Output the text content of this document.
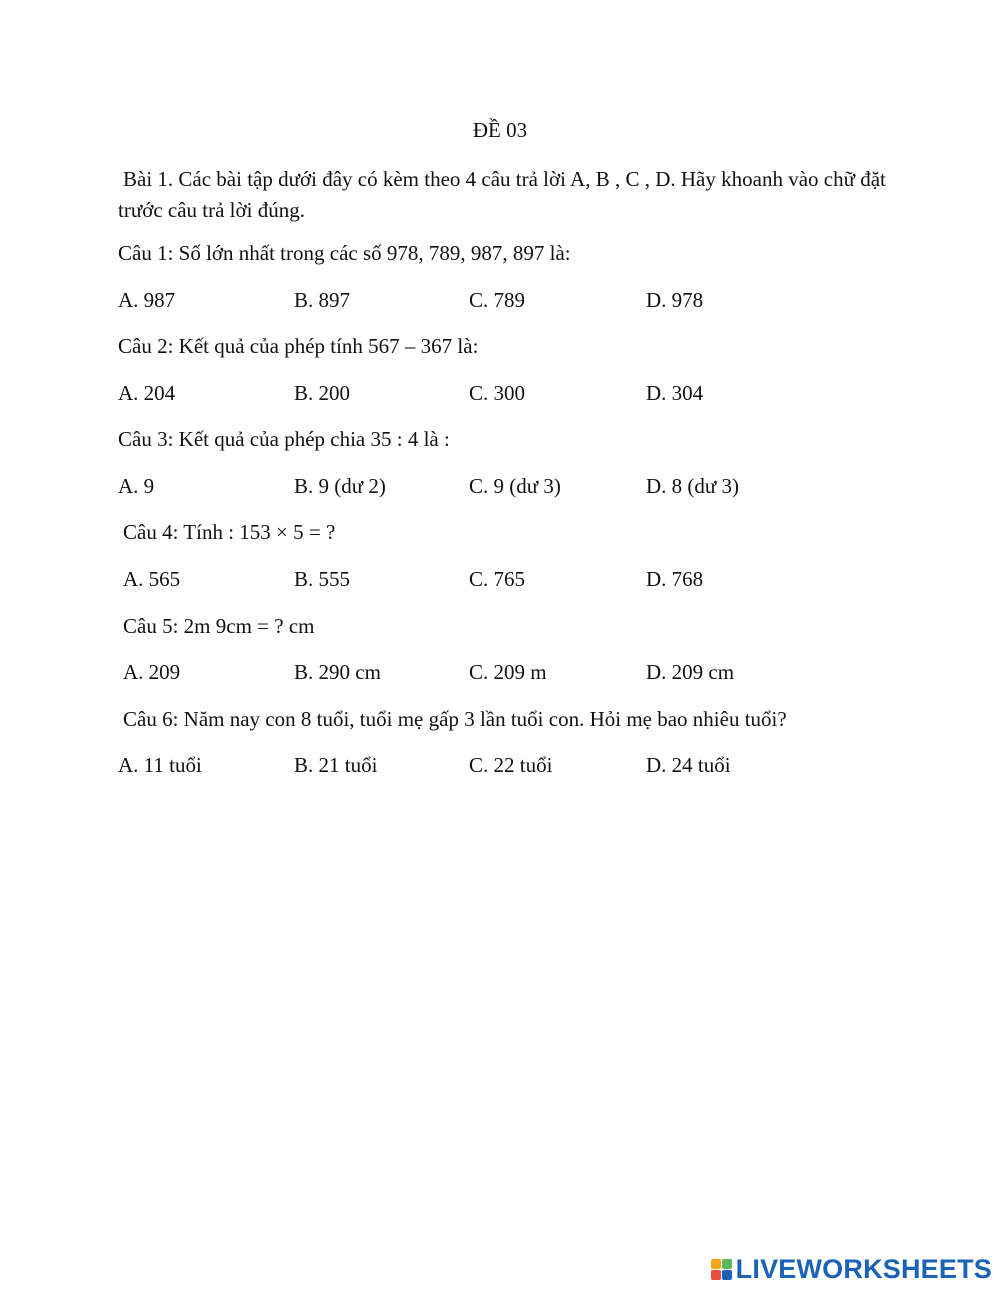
ĐỀ 03
Bài 1. Các bài tập dưới đây có kèm theo 4 câu trả lời A, B , C , D. Hãy khoanh vào chữ đặt trước câu trả lời đúng.
Câu 1: Số lớn nhất trong các số 978, 789, 987, 897 là:
A. 987	B. 897	C. 789	D. 978
Câu 2: Kết quả của phép tính 567 – 367 là:
A. 204	B. 200	C. 300	D. 304
Câu 3: Kết quả của phép chia 35 : 4 là :
A. 9	B. 9 (dư 2)	C. 9 (dư 3)	D. 8 (dư 3)
Câu 4: Tính : 153 × 5 = ?
A. 565	B. 555	C. 765	D. 768
Câu 5: 2m 9cm = ? cm
A. 209	B. 290 cm	C. 209 m	D. 209 cm
Câu 6: Năm nay con 8 tuổi, tuổi mẹ gấp 3 lần tuổi con. Hỏi mẹ bao nhiêu tuổi?
A. 11 tuổi	B. 21 tuổi	C. 22 tuổi	D. 24 tuổi
LIVEWORKSHEETS
